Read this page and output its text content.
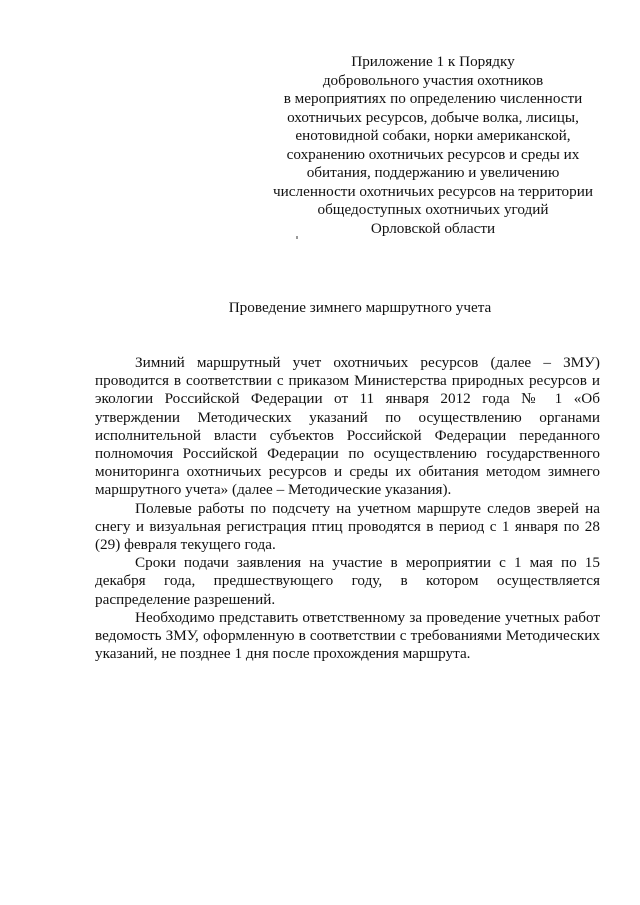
Приложение 1 к Порядку
добровольного участия охотников
в мероприятиях по определению численности
охотничьих ресурсов, добыче волка, лисицы,
енотовидной собаки, норки американской,
сохранению охотничьих ресурсов и среды их
обитания, поддержанию и увеличению
численности охотничьих ресурсов на территории
общедоступных охотничьих угодий
Орловской области
Проведение зимнего маршрутного учета

Зимний маршрутный учет охотничьих ресурсов (далее – ЗМУ) проводится в соответствии с приказом Министерства природных ресурсов и экологии Российской Федерации от 11 января 2012 года № 1 «Об утверждении Методических указаний по осуществлению органами исполнительной власти субъектов Российской Федерации переданного полномочия Российской Федерации по осуществлению государственного мониторинга охотничьих ресурсов и среды их обитания методом зимнего маршрутного учета» (далее – Методические указания).

Полевые работы по подсчету на учетном маршруте следов зверей на снегу и визуальная регистрация птиц проводятся в период с 1 января по 28 (29) февраля текущего года.

Сроки подачи заявления на участие в мероприятии с 1 мая по 15 декабря года, предшествующего году, в котором осуществляется распределение разрешений.

Необходимо представить ответственному за проведение учетных работ ведомость ЗМУ, оформленную в соответствии с требованиями Методических указаний, не позднее 1 дня после прохождения маршрута.
